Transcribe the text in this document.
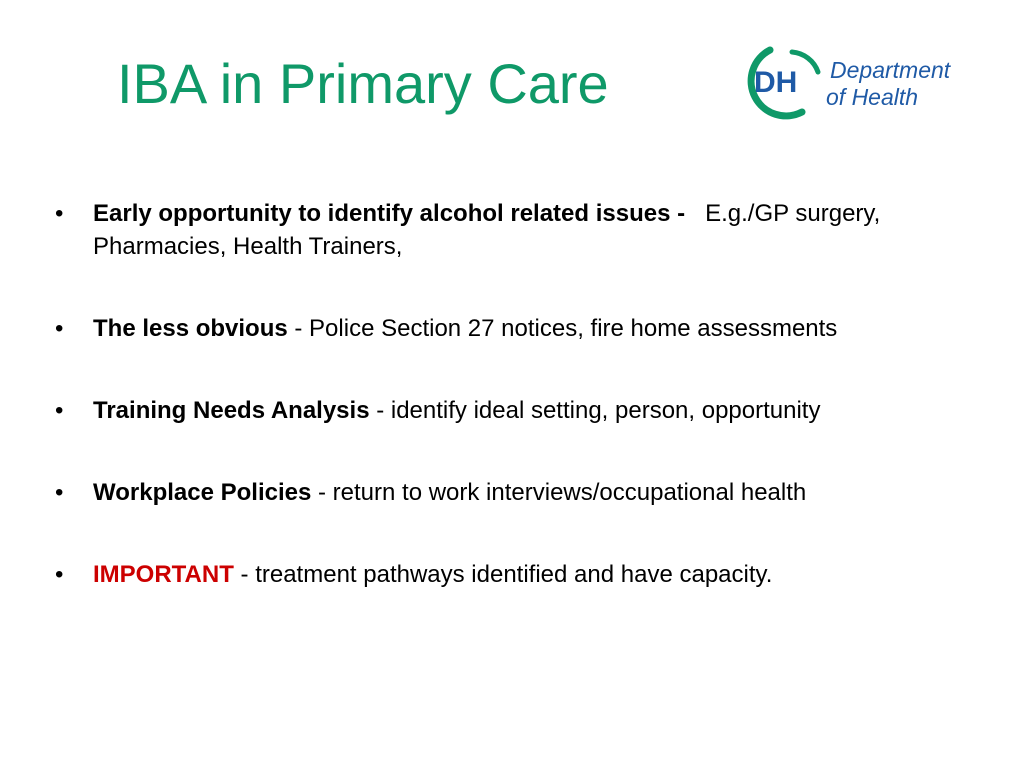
IBA in Primary Care	DH Department
of Health
•	Early opportunity to identify alcohol related issues -   E.g./GP surgery, Pharmacies, Health Trainers,
•	The less obvious - Police Section 27 notices, fire home assessments
•	Training Needs Analysis - identify ideal setting, person, opportunity
•	Workplace Policies - return to work interviews/occupational health
•	IMPORTANT - treatment pathways identified and have capacity.
